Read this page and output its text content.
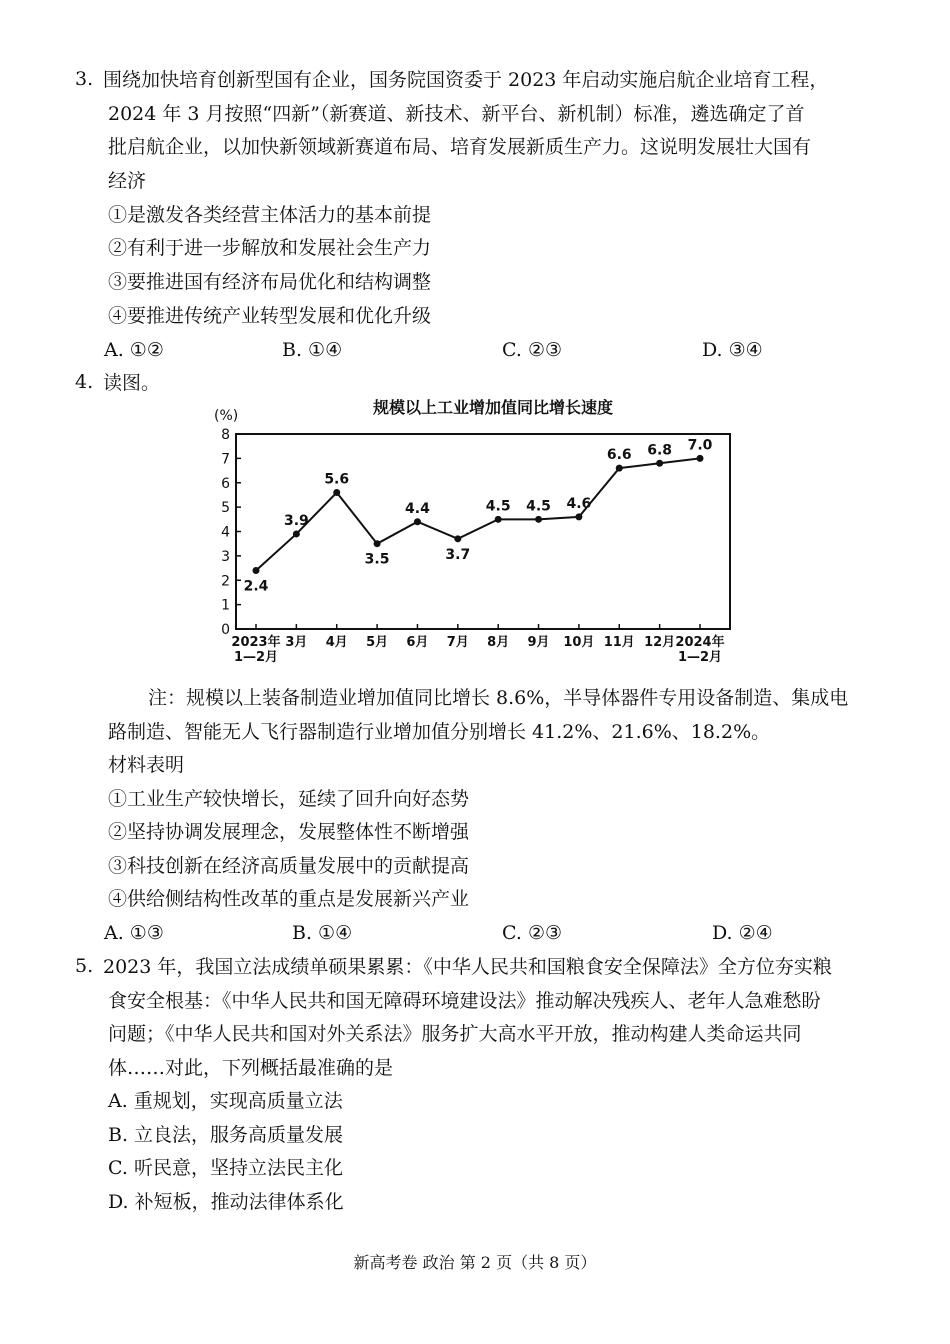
3. 围绕加快培育创新型国有企业，国务院国资委于 2023 年启动实施启航企业培育工程，
2024 年 3 月按照“四新”（新赛道、新技术、新平台、新机制）标准，遴选确定了首
批启航企业，以加快新领域新赛道布局、培育发展新质生产力。这说明发展壮大国有
经济
①是激发各类经营主体活力的基本前提
②有利于进一步解放和发展社会生产力
③要推进国有经济布局优化和结构调整
④要推进传统产业转型发展和优化升级
A. ①②	B. ①④	C. ②③	D. ③④
4. 读图。
规模以上工业增加值同比增长速度
(%)
0
1
2
3
4
5
6
7
8
2023年
1—2月
3月 4月 5月 6月 7月 8月 9月 10月 11月 12月 2024年
1—2月
2.4
3.9
5.6
3.5
4.4
3.7
4.5 4.5 4.6
6.6 6.8 7.0
注：规模以上装备制造业增加值同比增长 8.6%，半导体器件专用设备制造、集成电
路制造、智能无人飞行器制造行业增加值分别增长 41.2%、21.6%、18.2%。
材料表明
①工业生产较快增长，延续了回升向好态势
②坚持协调发展理念，发展整体性不断增强
③科技创新在经济高质量发展中的贡献提高
④供给侧结构性改革的重点是发展新兴产业
A. ①③	B. ①④	C. ②③	D. ②④
5. 2023 年，我国立法成绩单硕果累累：《中华人民共和国粮食安全保障法》全方位夯实粮
食安全根基：《中华人民共和国无障碍环境建设法》推动解决残疾人、老年人急难愁盼
问题；《中华人民共和国对外关系法》服务扩大高水平开放，推动构建人类命运共同
体……对此，下列概括最准确的是
A. 重规划，实现高质量立法
B. 立良法，服务高质量发展
C. 听民意，坚持立法民主化
D. 补短板，推动法律体系化
新高考卷 政治 第 2 页（共 8 页）
